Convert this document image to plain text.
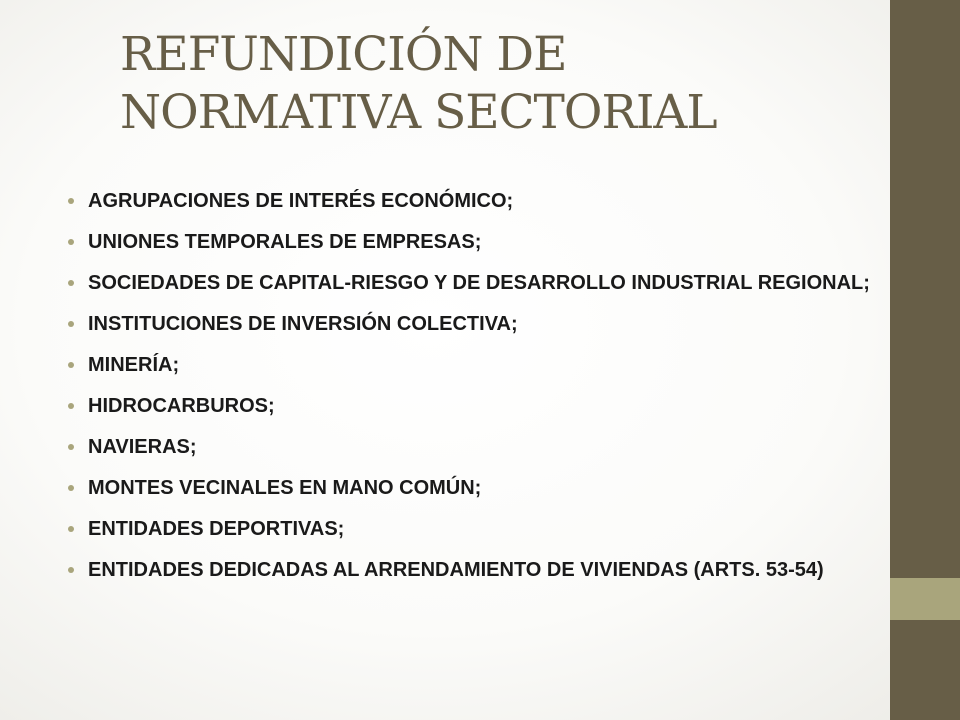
REFUNDICIÓN DE NORMATIVA SECTORIAL
AGRUPACIONES DE INTERÉS ECONÓMICO;
UNIONES TEMPORALES DE EMPRESAS;
SOCIEDADES DE CAPITAL-RIESGO Y DE DESARROLLO INDUSTRIAL REGIONAL;
INSTITUCIONES DE INVERSIÓN COLECTIVA;
MINERÍA;
HIDROCARBUROS;
NAVIERAS;
MONTES VECINALES EN MANO COMÚN;
ENTIDADES DEPORTIVAS;
ENTIDADES DEDICADAS AL ARRENDAMIENTO DE VIVIENDAS (ARTS. 53-54)
